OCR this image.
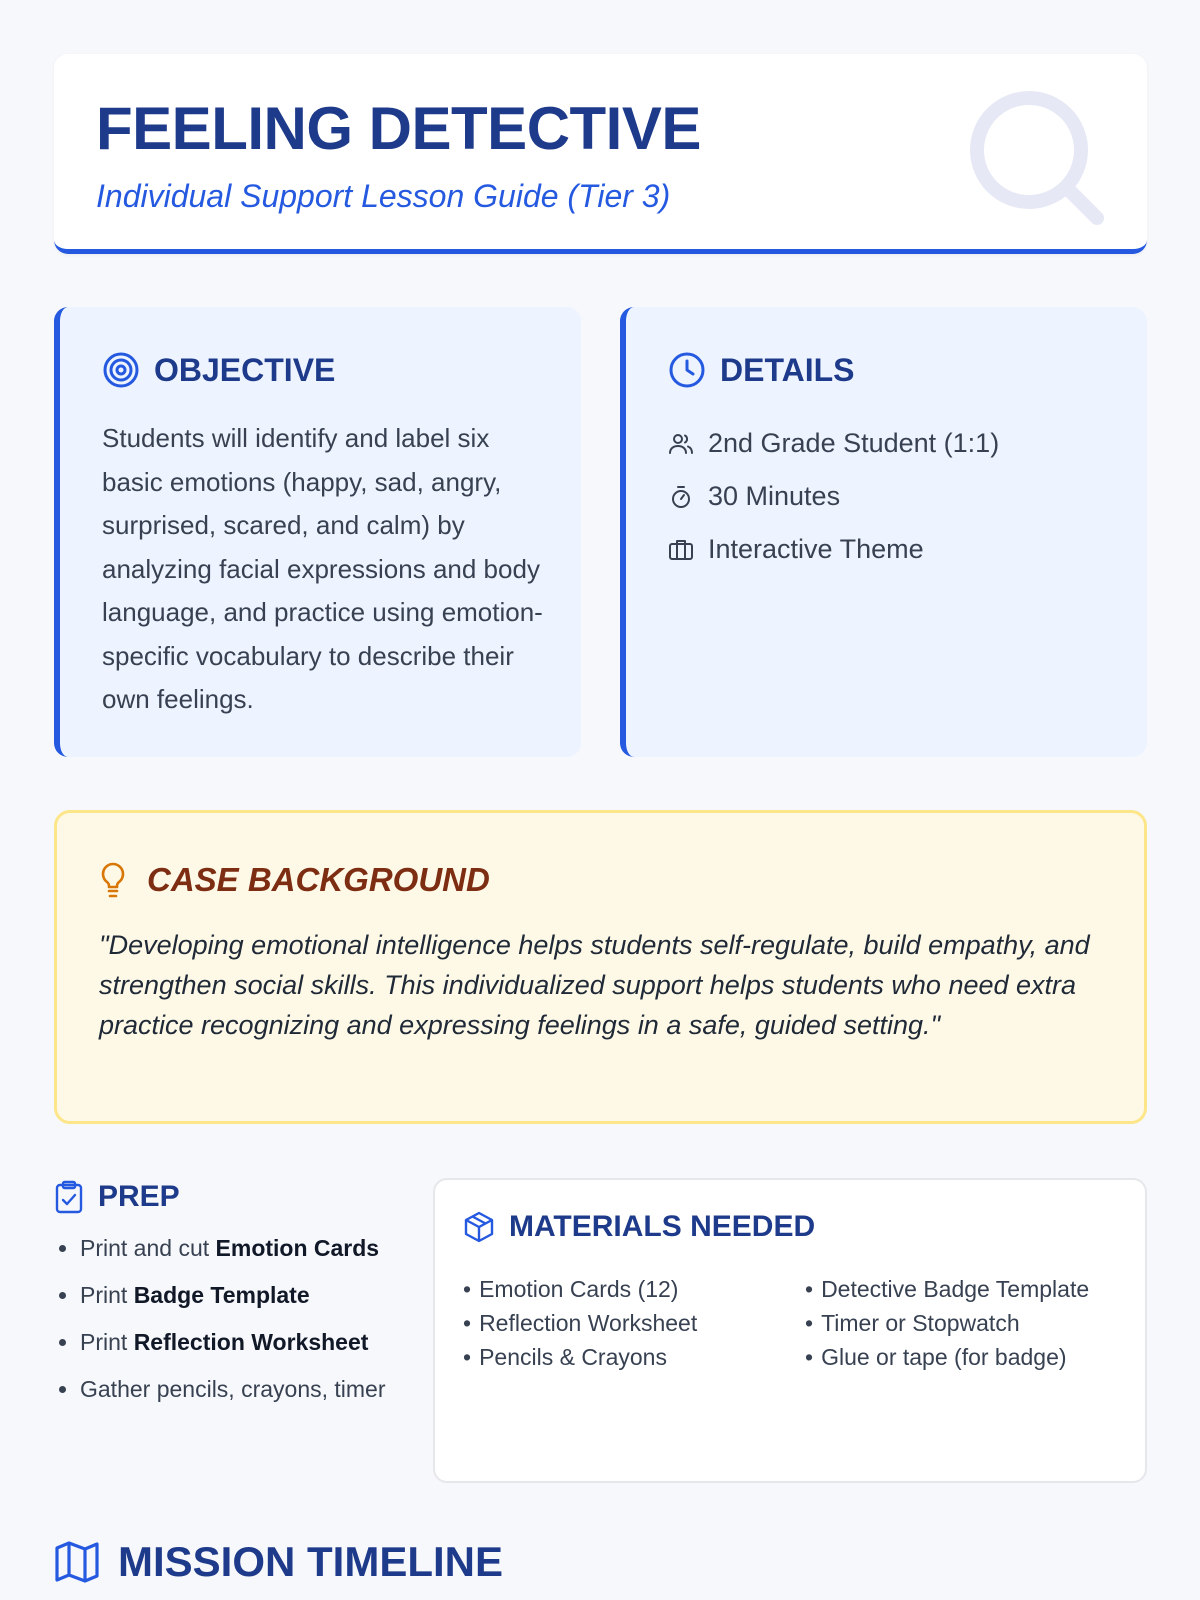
FEELING DETECTIVE
Individual Support Lesson Guide (Tier 3)
OBJECTIVE
Students will identify and label six basic emotions (happy, sad, angry, surprised, scared, and calm) by analyzing facial expressions and body language, and practice using emotion-specific vocabulary to describe their own feelings.
DETAILS
2nd Grade Student (1:1)
30 Minutes
Interactive Theme
CASE BACKGROUND
"Developing emotional intelligence helps students self-regulate, build empathy, and strengthen social skills. This individualized support helps students who need extra practice recognizing and expressing feelings in a safe, guided setting."
PREP
• Print and cut Emotion Cards
• Print Badge Template
• Print Reflection Worksheet
• Gather pencils, crayons, timer
MATERIALS NEEDED
• Emotion Cards (12)
• Reflection Worksheet
• Pencils & Crayons
• Detective Badge Template
• Timer or Stopwatch
• Glue or tape (for badge)
MISSION TIMELINE
